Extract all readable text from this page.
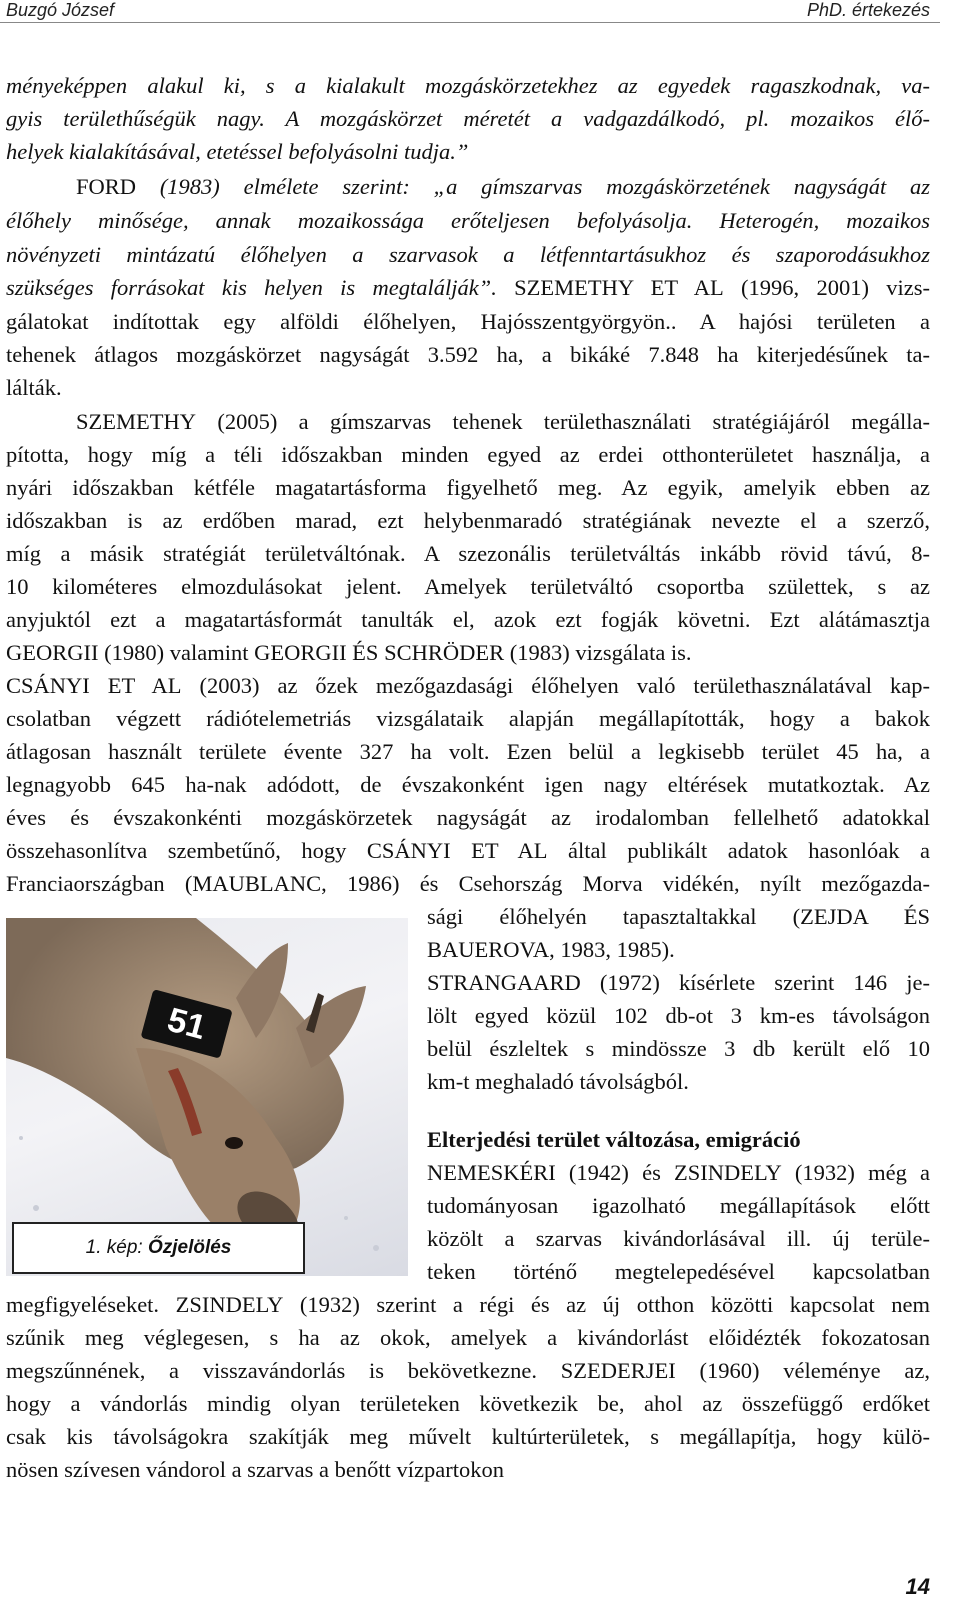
Buzgó József	PhD. értekezés
ményeképpen alakul ki, s a kialakult mozgáskörzetekhez az egyedek ragaszkodnak, va-
gyis területhűségük nagy. A mozgáskörzet méretét a vadgazdálkodó, pl. mozaikos élő-
helyek kialakításával, etetéssel befolyásolni tudja.”
FORD (1983) elmélete szerint: „a gímszarvas mozgáskörzetének nagyságát az
élőhely minősége, annak mozaikossága erőteljesen befolyásolja. Heterogén, mozaikos
növényzeti mintázatú élőhelyen a szarvasok a létfenntartásukhoz és szaporodásukhoz
szükséges forrásokat kis helyen is megtalálják”. SZEMETHY ET AL (1996, 2001) vizs-
gálatokat indítottak egy alföldi élőhelyen, Hajósszentgyörgyön.. A hajósi területen a
tehenek átlagos mozgáskörzet nagyságát 3.592 ha, a bikáké 7.848 ha kiterjedésűnek ta-
lálták.
SZEMETHY (2005) a gímszarvas tehenek területhasználati stratégiájáról megálla-
pította, hogy míg a téli időszakban minden egyed az erdei otthonterületet használja, a
nyári időszakban kétféle magatartásforma figyelhető meg. Az egyik, amelyik ebben az
időszakban is az erdőben marad, ezt helybenmaradó stratégiának nevezte el a szerző,
míg a másik stratégiát területváltónak. A szezonális területváltás inkább rövid távú, 8-
10 kilométeres elmozdulásokat jelent. Amelyek területváltó csoportba születtek, s az
anyjuktól ezt a magatartásformát tanulták el, azok ezt fogják követni. Ezt alátámasztja
GEORGII (1980) valamint GEORGII ÉS SCHRÖDER (1983) vizsgálata is.
CSÁNYI ET AL (2003) az őzek mezőgazdasági élőhelyen való területhasználatával kap-
csolatban végzett rádiótelemetriás vizsgálataik alapján megállapították, hogy a bakok
átlagosan használt területe évente 327 ha volt. Ezen belül a legkisebb terület 45 ha, a
legnagyobb 645 ha-nak adódott, de évszakonként igen nagy eltérések mutatkoztak. Az
éves és évszakonkénti mozgáskörzetek nagyságát az irodalomban fellelhető adatokkal
összehasonlítva szembetűnő, hogy CSÁNYI ET AL által publikált adatok hasonlóak a
Franciaországban (MAUBLANC, 1986) és Csehország Morva vidékén, nyílt mezőgazda-
sági élőhelyén tapasztaltakkal (ZEJDA ÉS
BAUEROVA, 1983, 1985).
STRANGAARD (1972) kísérlete szerint 146 je-
lölt egyed közül 102 db-ot 3 km-es távolságon
belül észleltek s mindössze 3 db került elő 10
km-t meghaladó távolságból.
Elterjedési terület változása, emigráció
NEMESKÉRI (1942) és ZSINDELY (1932) még a
tudományosan igazolható megállapítások előtt
közölt a szarvas kivándorlásával ill. új terüle-
teken történő megtelepedésével kapcsolatban
megfigyeléseket. ZSINDELY (1932) szerint a régi és az új otthon közötti kapcsolat nem
szűnik meg véglegesen, s ha az okok, amelyek a kivándorlást előidézték fokozatosan
megszűnnének, a visszavándorlás is bekövetkezne. SZEDERJEI (1960) véleménye az,
hogy a vándorlás mindig olyan területeken következik be, ahol az összefüggő erdőket
csak kis távolságokra szakítják meg művelt kultúrterületek, s megállapítja, hogy külö-
nösen szívesen vándorol a szarvas a benőtt vízpartokon
51
1. kép:
Őzjelölés
14
